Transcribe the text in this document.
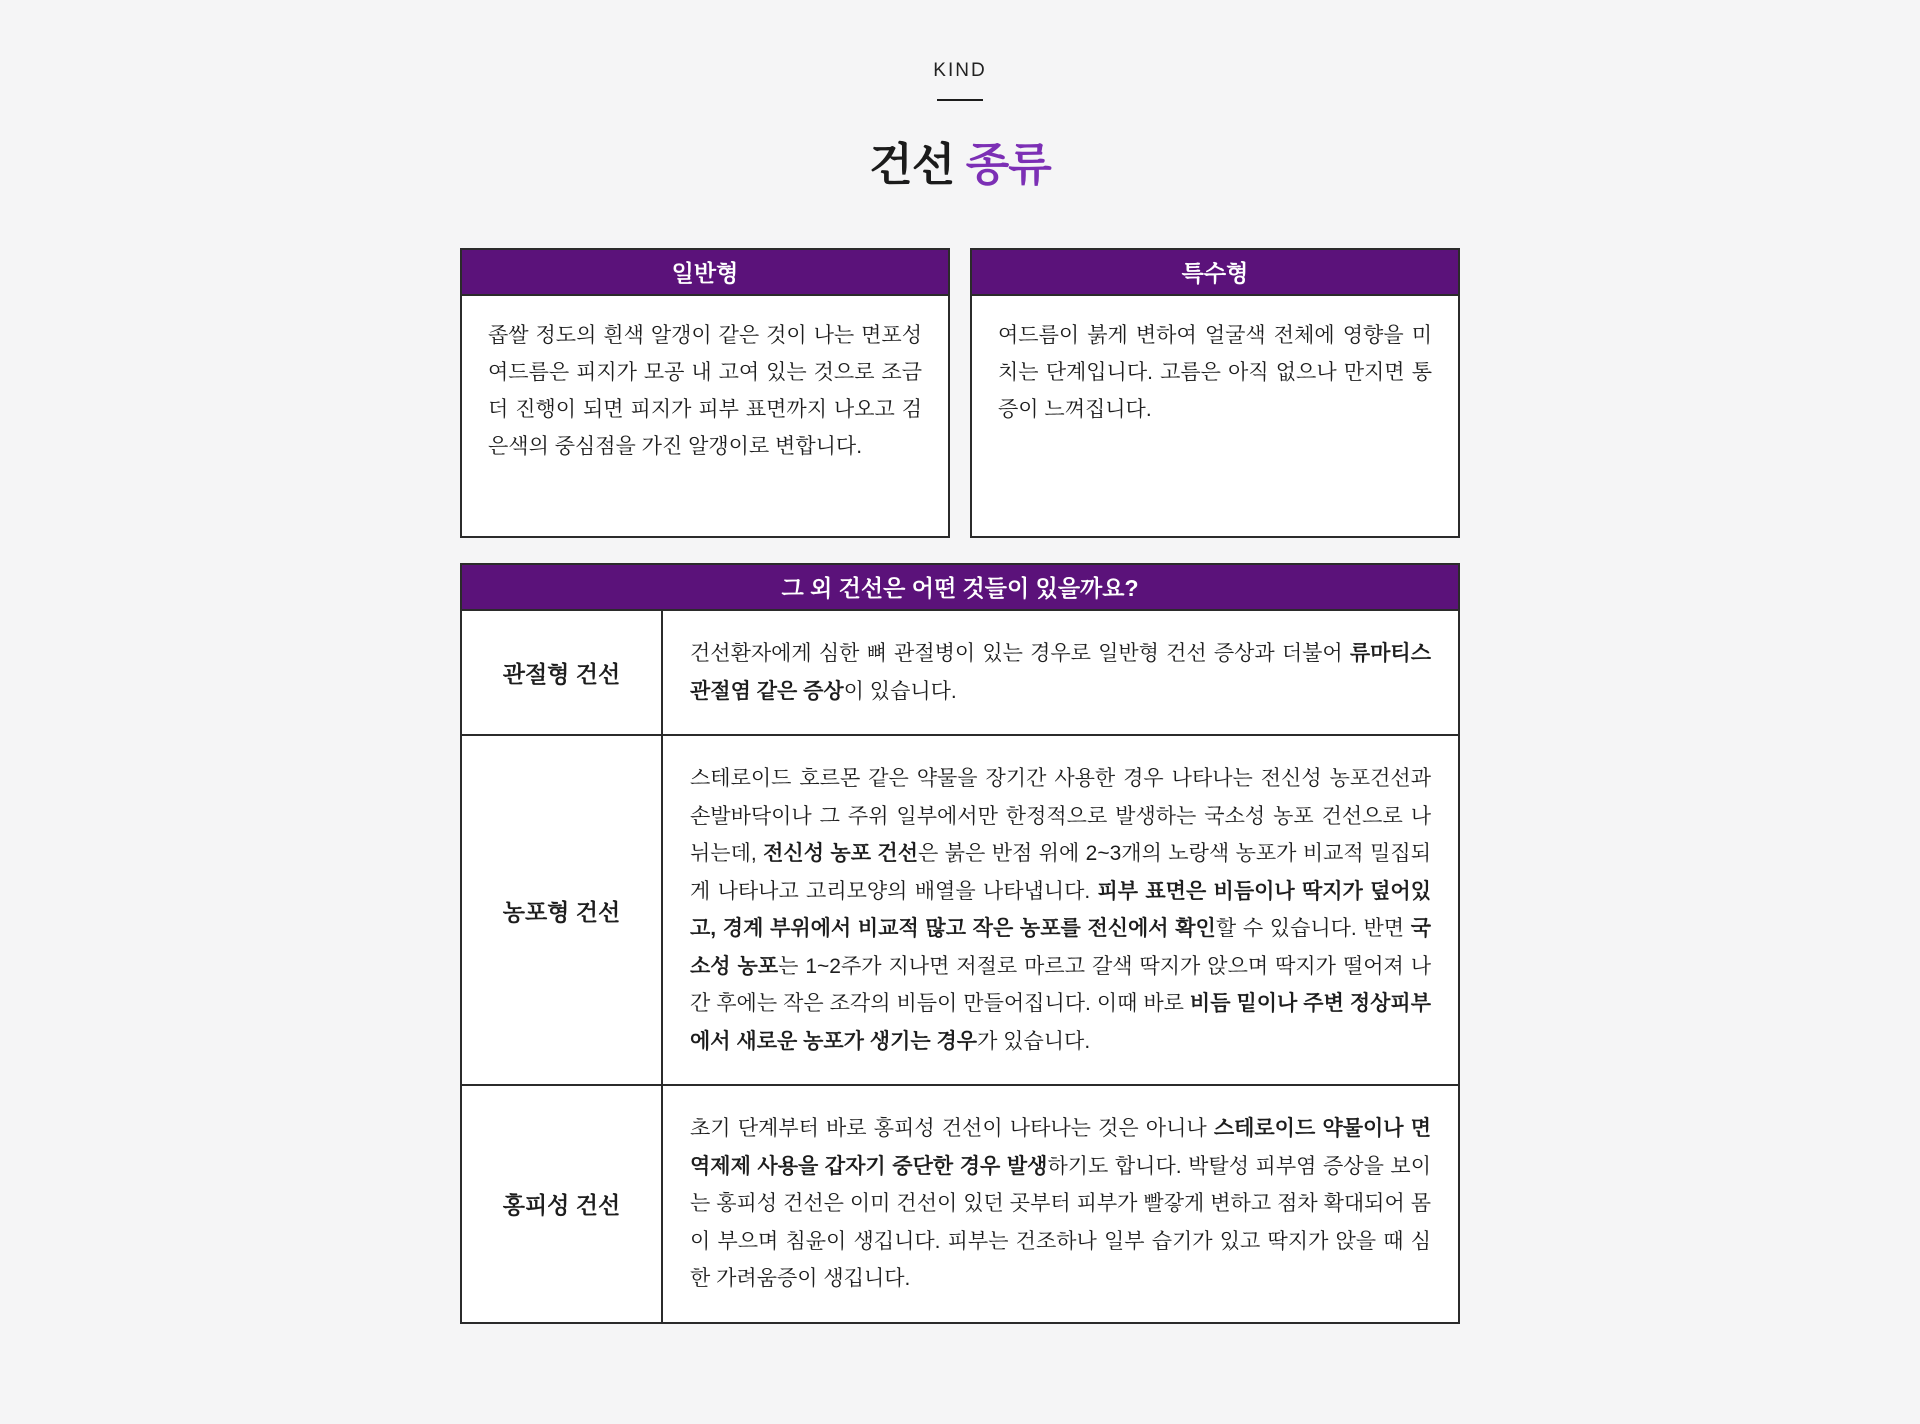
KIND
건선 종류
일반형

좁쌀 정도의 흰색 알갱이 같은 것이 나는 면포성 여드름은 피지가 모공 내 고여 있는 것으로 조금 더 진행이 되면 피지가 피부 표면까지 나오고 검은색의 중심점을 가진 알갱이로 변합니다.

특수형

여드름이 붉게 변하여 얼굴색 전체에 영향을 미치는 단계입니다. 고름은 아직 없으나 만지면 통증이 느껴집니다.

그 외 건선은 어떤 것들이 있을까요?
관절형 건선

건선환자에게 심한 뼈 관절병이 있는 경우로 일반형 건선 증상과 더불어 류마티스 관절염 같은 증상이 있습니다.

농포형 건선

스테로이드 호르몬 같은 약물을 장기간 사용한 경우 나타나는 전신성 농포건선과 손발바닥이나 그 주위 일부에서만 한정적으로 발생하는 국소성 농포 건선으로 나뉘는데, 전신성 농포 건선은 붉은 반점 위에 2~3개의 노랑색 농포가 비교적 밀집되게 나타나고 고리모양의 배열을 나타냅니다. 피부 표면은 비듬이나 딱지가 덮어있고, 경계 부위에서 비교적 많고 작은 농포를 전신에서 확인할 수 있습니다. 반면 국소성 농포는 1~2주가 지나면 저절로 마르고 갈색 딱지가 앉으며 딱지가 떨어져 나간 후에는 작은 조각의 비듬이 만들어집니다. 이때 바로 비듬 밑이나 주변 정상피부에서 새로운 농포가 생기는 경우가 있습니다.

홍피성 건선

초기 단계부터 바로 홍피성 건선이 나타나는 것은 아니나 스테로이드 약물이나 면역제제 사용을 갑자기 중단한 경우 발생하기도 합니다. 박탈성 피부염 증상을 보이는 홍피성 건선은 이미 건선이 있던 곳부터 피부가 빨갛게 변하고 점차 확대되어 몸이 부으며 침윤이 생깁니다. 피부는 건조하나 일부 습기가 있고 딱지가 앉을 때 심한 가려움증이 생깁니다.
